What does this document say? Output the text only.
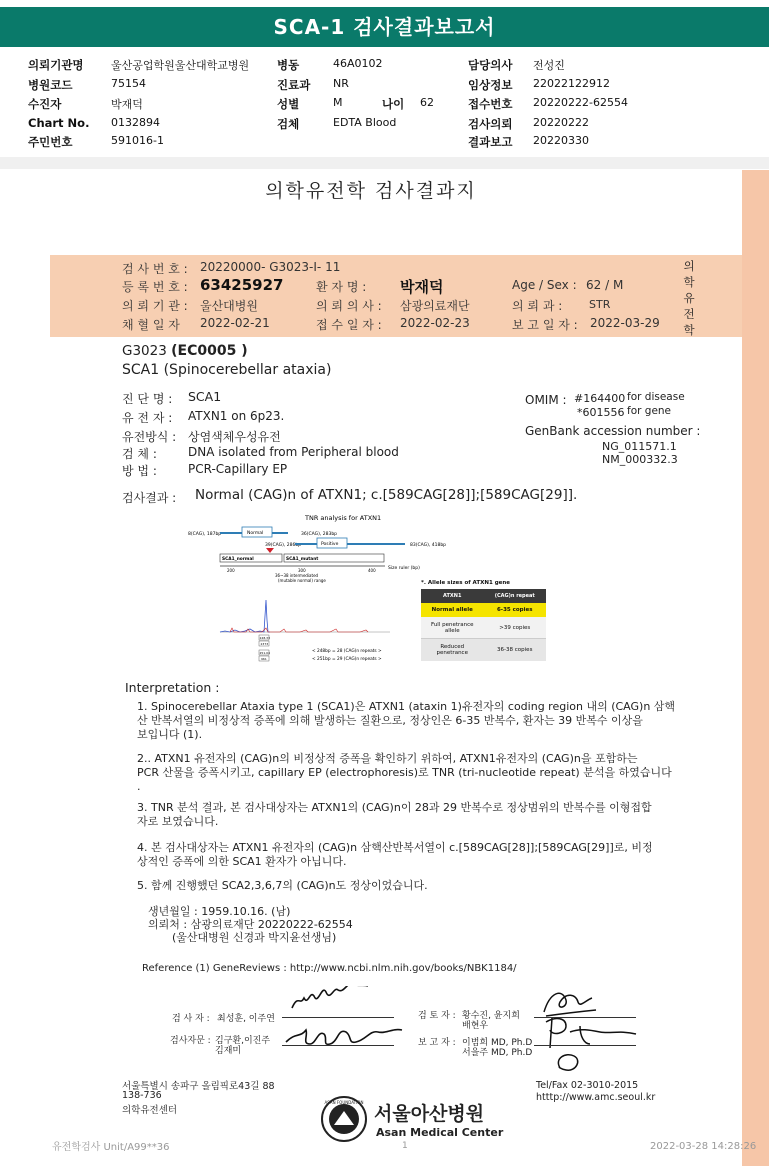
SCA-1 검사결과보고서
의뢰기관명 울산공업학원울산대학교병원
병원코드	75154
수진자	박재덕
Chart No. 0132894
주민번호	591016-1
병동	46A0102
진료과 NR
성별	M	나이 62
검체	EDTA Blood
담당의사 전성진
임상정보 22022122912
접수번호 20220222-62554
검사의뢰 20220222
결과보고 20220330
의학유전학 검사결과지
의
학
유
전
학
검 사 번 호 : 20220000- G3023-I- 11
등 록 번 호 : 63425927	환 자 명 : 박재덕	Age / Sex : 62 / M
의 뢰 기 관 : 울산대병원	의 뢰 의 사 : 삼광의료재단	의 뢰 과 : STR
채 혈 일 자 2022-02-21	접 수 일 자 : 2022-02-23	보 고 일 자 : 2022-03-29
G3023 (EC0005 )
SCA1 (Spinocerebellar ataxia)
진 단 명 : SCA1
유 전 자 : ATXN1 on 6p23.
유전방식 : 상염색체우성유전
검 체 :	DNA isolated from Peripheral blood
방 법 :	PCR-Capillary EP
OMIM : #164400 for disease
*601556 for gene
GenBank accession number :
NG_011571.1
NM_000332.3
검사결과 : Normal (CAG)n of ATXN1; c.[589CAG[28]];[589CAG[29]].
TNR analysis for ATXN1
8(CAG), 187bp	Normal	36(CAG), 283bp
39(CAG), 286bp	Positive	83(CAG), 418bp
SCA1_normal	SCA1_mutant
Size ruler (bp)
200	300	400
36~38 intermediated
(mutable normal) range
248.33
2373
251.04
961
< 248bp = 28 (CAG)n repeats >
< 251bp = 29 (CAG)n repeats >
*. Allele sizes of ATXN1 gene
ATXN1	(CAG)n repeat
Normal allele	6-35 copies
Full penetrance allele	>39 copies
Reduced penetrance	36-38 copies
Interpretation :
1. Spinocerebellar Ataxia type 1 (SCA1)은 ATXN1 (ataxin 1)유전자의 coding region 내의 (CAG)n 삼핵
산 반복서열의 비정상적 증폭에 의해 발생하는 질환으로, 정상인은 6-35 반복수, 환자는 39 반복수 이상을
보입니다 (1).
2.. ATXN1 유전자의 (CAG)n의 비정상적 증폭을 확인하기 위하여, ATXN1유전자의 (CAG)n을 포함하는
PCR 산물을 증폭시키고, capillary EP (electrophoresis)로 TNR (tri-nucleotide repeat) 분석을 하였습니다
.
3. TNR 분석 결과, 본 검사대상자는 ATXN1의 (CAG)n이 28과 29 반복수로 정상범위의 반복수를 이형접합
자로 보였습니다.
4. 본 검사대상자는 ATXN1 유전자의 (CAG)n 삼핵산반복서열이 c.[589CAG[28]];[589CAG[29]]로, 비정
상적인 증폭에 의한 SCA1 환자가 아닙니다.
5. 함께 진행했던 SCA2,3,6,7의 (CAG)n도 정상이었습니다.
생년월일 : 1959.10.16. (남)
의뢰처 : 삼광의료재단 20220222-62554
(울산대병원 신경과 박지윤선생님)
Reference (1) GeneReviews : http://www.ncbi.nlm.nih.gov/books/NBK1184/
검 사 자 : 최성훈, 이주연
검사자문 : 김구환,이진주
김재미
검 토 자 : 황수진, 윤지희
배현우
보 고 자 : 이범희 MD, Ph.D
서을주 MD, Ph.D
서울특별시 송파구 올림픽로43길 88
138-736
의학유전센터
Tel/Fax 02-3010-2015
htttp://www.amc.seoul.kr
ASAN FOUNDATION
서울아산병원
Asan Medical Center
유전학검사 Unit/A99**36	1	2022-03-28 14:28:26
